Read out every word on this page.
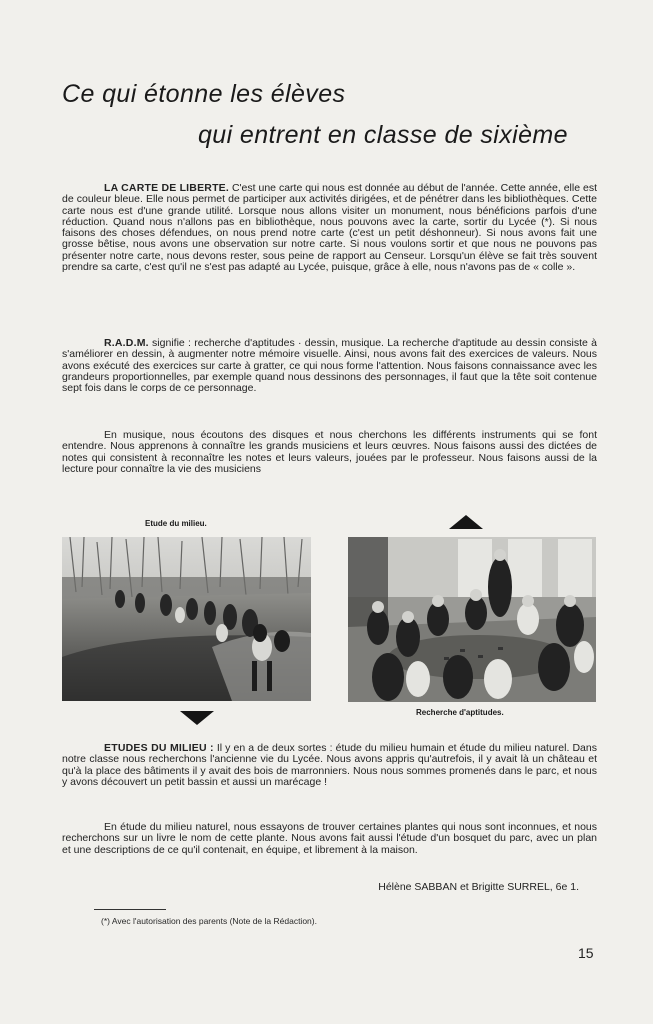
Ce qui étonne les élèves
qui entrent en classe de sixième

LA CARTE DE LIBERTE. C'est une carte qui nous est donnée au début de l'année. Cette année, elle est de couleur bleue. Elle nous permet de participer aux activités dirigées, et de pénétrer dans les bibliothèques. Cette carte nous est d'une grande utilité. Lorsque nous allons visiter un monument, nous bénéficions parfois d'une réduction. Quand nous n'allons pas en bibliothèque, nous pouvons avec la carte, sortir du Lycée (*). Si nous faisons des choses défendues, on nous prend notre carte (c'est un petit déshonneur). Si nous avons fait une grosse bêtise, nous avons une observation sur notre carte. Si nous voulons sortir et que nous ne pouvons pas présenter notre carte, nous devons rester, sous peine de rapport au Censeur. Lorsqu'un élève se fait très souvent prendre sa carte, c'est qu'il ne s'est pas adapté au Lycée, puisque, grâce à elle, nous n'avons pas de « colle ».

R.A.D.M. signifie : recherche d'aptitudes · dessin, musique. La recherche d'aptitude au dessin consiste à s'améliorer en dessin, à augmenter notre mémoire visuelle. Ainsi, nous avons fait des exercices de valeurs. Nous avons exécuté des exercices sur carte à gratter, ce qui nous forme l'attention. Nous faisons connaissance avec les grandeurs proportionnelles, par exemple quand nous dessinons des personnages, il faut que la tête soit contenue sept fois dans le corps de ce personnage.

En musique, nous écoutons des disques et nous cherchons les différents instruments qui se font entendre. Nous apprenons à connaître les grands musiciens et leurs œuvres. Nous faisons aussi des dictées de notes qui consistent à reconnaître les notes et leurs valeurs, jouées par le professeur. Nous faisons aussi de la lecture pour connaître la vie des musiciens

Etude du milieu.

Recherche d'aptitudes.

ETUDES DU MILIEU : Il y en a de deux sortes : étude du milieu humain et étude du milieu naturel. Dans notre classe nous recherchons l'ancienne vie du Lycée. Nous avons appris qu'autrefois, il y avait là un château et qu'à la place des bâtiments il y avait des bois de marronniers. Nous nous sommes promenés dans le parc, et nous y avons découvert un petit bassin et aussi un marécage !

En étude du milieu naturel, nous essayons de trouver certaines plantes qui nous sont inconnues, et nous recherchons sur un livre le nom de cette plante. Nous avons fait aussi l'étude d'un bosquet du parc, avec un plan et une descriptions de ce qu'il contenait, en équipe, et librement à la maison.

Hélène SABBAN et Brigitte SURREL, 6e 1.

(*) Avec l'autorisation des parents (Note de la Rédaction).

15
